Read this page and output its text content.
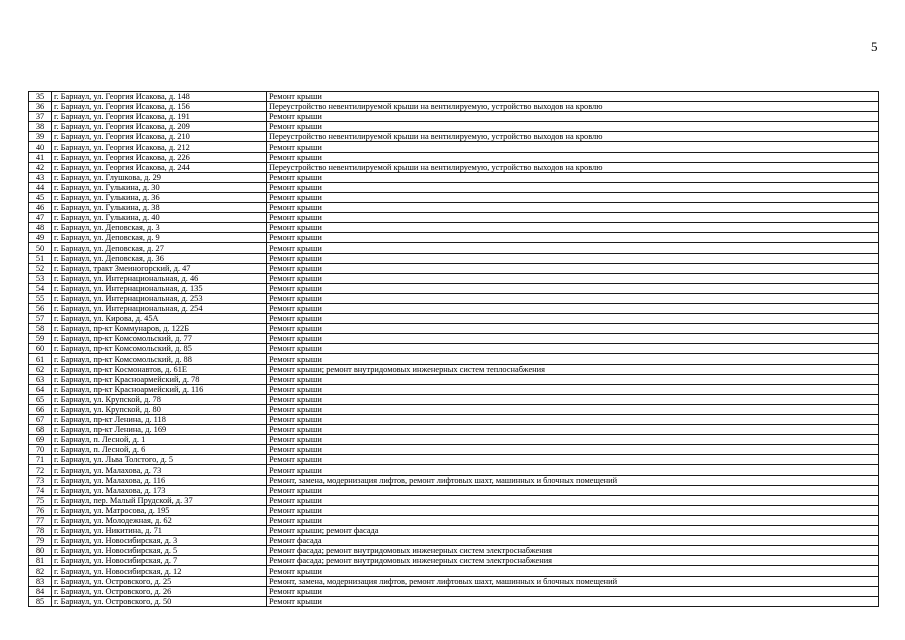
5
35	г. Барнаул, ул. Георгия Исакова, д. 148	Ремонт крыши
36	г. Барнаул, ул. Георгия Исакова, д. 156	Переустройство невентилируемой крыши на вентилируемую, устройство выходов на кровлю
37	г. Барнаул, ул. Георгия Исакова, д. 191	Ремонт крыши
38	г. Барнаул, ул. Георгия Исакова, д. 209	Ремонт крыши
39	г. Барнаул, ул. Георгия Исакова, д. 210	Переустройство невентилируемой крыши на вентилируемую, устройство выходов на кровлю
40	г. Барнаул, ул. Георгия Исакова, д. 212	Ремонт крыши
41	г. Барнаул, ул. Георгия Исакова, д. 226	Ремонт крыши
42	г. Барнаул, ул. Георгия Исакова, д. 244	Переустройство невентилируемой крыши на вентилируемую, устройство выходов на кровлю
43	г. Барнаул, ул. Глушкова, д. 29	Ремонт крыши
44	г. Барнаул, ул. Гулькина, д. 30	Ремонт крыши
45	г. Барнаул, ул. Гулькина, д. 36	Ремонт крыши
46	г. Барнаул, ул. Гулькина, д. 38	Ремонт крыши
47	г. Барнаул, ул. Гулькина, д. 40	Ремонт крыши
48	г. Барнаул, ул. Деповская, д. 3	Ремонт крыши
49	г. Барнаул, ул. Деповская, д. 9	Ремонт крыши
50	г. Барнаул, ул. Деповская, д. 27	Ремонт крыши
51	г. Барнаул, ул. Деповская, д. 36	Ремонт крыши
52	г. Барнаул, тракт Змеиногорский, д. 47	Ремонт крыши
53	г. Барнаул, ул. Интернациональная, д. 46	Ремонт крыши
54	г. Барнаул, ул. Интернациональная, д. 135	Ремонт крыши
55	г. Барнаул, ул. Интернациональная, д. 253	Ремонт крыши
56	г. Барнаул, ул. Интернациональная, д. 254	Ремонт крыши
57	г. Барнаул, ул. Кирова, д. 45А	Ремонт крыши
58	г. Барнаул, пр-кт Коммунаров, д. 122Б	Ремонт крыши
59	г. Барнаул, пр-кт Комсомольский, д. 77	Ремонт крыши
60	г. Барнаул, пр-кт Комсомольский, д. 85	Ремонт крыши
61	г. Барнаул, пр-кт Комсомольский, д. 88	Ремонт крыши
62	г. Барнаул, пр-кт Космонавтов, д. 61Е	Ремонт крыши; ремонт внутридомовых инженерных систем теплоснабжения
63	г. Барнаул, пр-кт Красноармейский, д. 78	Ремонт крыши
64	г. Барнаул, пр-кт Красноармейский, д. 116	Ремонт крыши
65	г. Барнаул, ул. Крупской, д. 78	Ремонт крыши
66	г. Барнаул, ул. Крупской, д. 80	Ремонт крыши
67	г. Барнаул, пр-кт Ленина, д. 118	Ремонт крыши
68	г. Барнаул, пр-кт Ленина, д. 169	Ремонт крыши
69	г. Барнаул, п. Лесной, д. 1	Ремонт крыши
70	г. Барнаул, п. Лесной, д. 6	Ремонт крыши
71	г. Барнаул, ул. Льва Толстого, д. 5	Ремонт крыши
72	г. Барнаул, ул. Малахова, д. 73	Ремонт крыши
73	г. Барнаул, ул. Малахова, д. 116	Ремонт, замена, модернизация лифтов, ремонт лифтовых шахт, машинных и блочных помещений
74	г. Барнаул, ул. Малахова, д. 173	Ремонт крыши
75	г. Барнаул, пер. Малый Прудской, д. 37	Ремонт крыши
76	г. Барнаул, ул. Матросова, д. 195	Ремонт крыши
77	г. Барнаул, ул. Молодежная, д. 62	Ремонт крыши
78	г. Барнаул, ул. Никитина, д. 71	Ремонт крыши; ремонт фасада
79	г. Барнаул, ул. Новосибирская, д. 3	Ремонт фасада
80	г. Барнаул, ул. Новосибирская, д. 5	Ремонт фасада; ремонт внутридомовых инженерных систем электроснабжения
81	г. Барнаул, ул. Новосибирская, д. 7	Ремонт фасада; ремонт внутридомовых инженерных систем электроснабжения
82	г. Барнаул, ул. Новосибирская, д. 12	Ремонт крыши
83	г. Барнаул, ул. Островского, д. 25	Ремонт, замена, модернизация лифтов, ремонт лифтовых шахт, машинных и блочных помещений
84	г. Барнаул, ул. Островского, д. 26	Ремонт крыши
85	г. Барнаул, ул. Островского, д. 50	Ремонт крыши
